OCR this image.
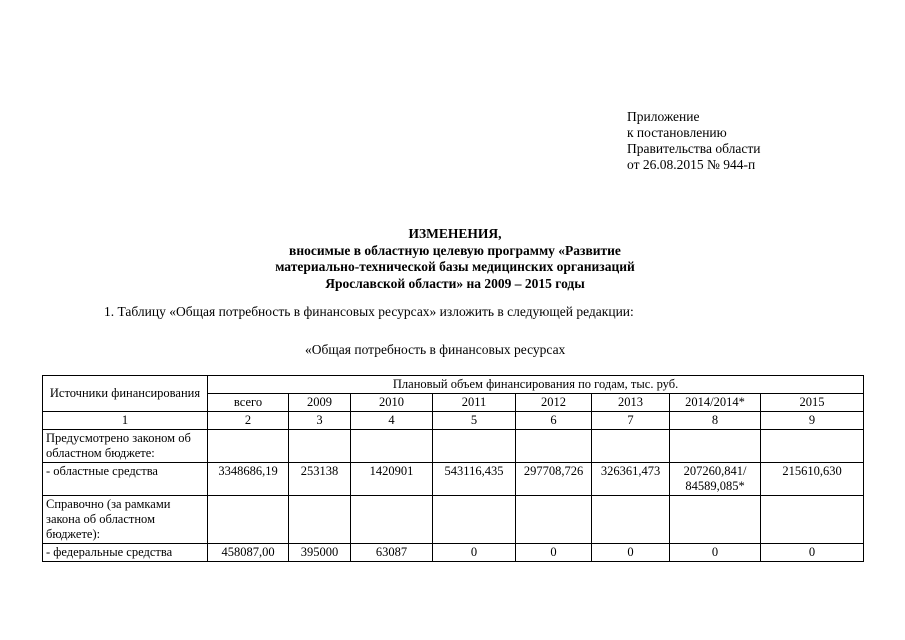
Приложение
к постановлению
Правительства области
от 26.08.2015 № 944-п
ИЗМЕНЕНИЯ,
вносимые в областную целевую программу «Развитие
материально-технической базы медицинских организаций
Ярославской области» на 2009 – 2015 годы
1. Таблицу «Общая потребность в финансовых ресурсах» изложить в следующей редакции:
«Общая потребность в финансовых ресурсах
Источники финансирования	Плановый объем финансирования по годам, тыс. руб.							
	всего	2009	2010	2011	2012	2013	2014/2014*	2015
1	2	3	4	5	6	7	8	9
Предусмотрено законом об областном бюджете:								
- областные средства	3348686,19	253138	1420901	543116,435	297708,726	326361,473	207260,841/ 84589,085*	215610,630
Справочно (за рамками закона об областном бюджете):								
- федеральные средства	458087,00	395000	63087	0	0	0	0	0
